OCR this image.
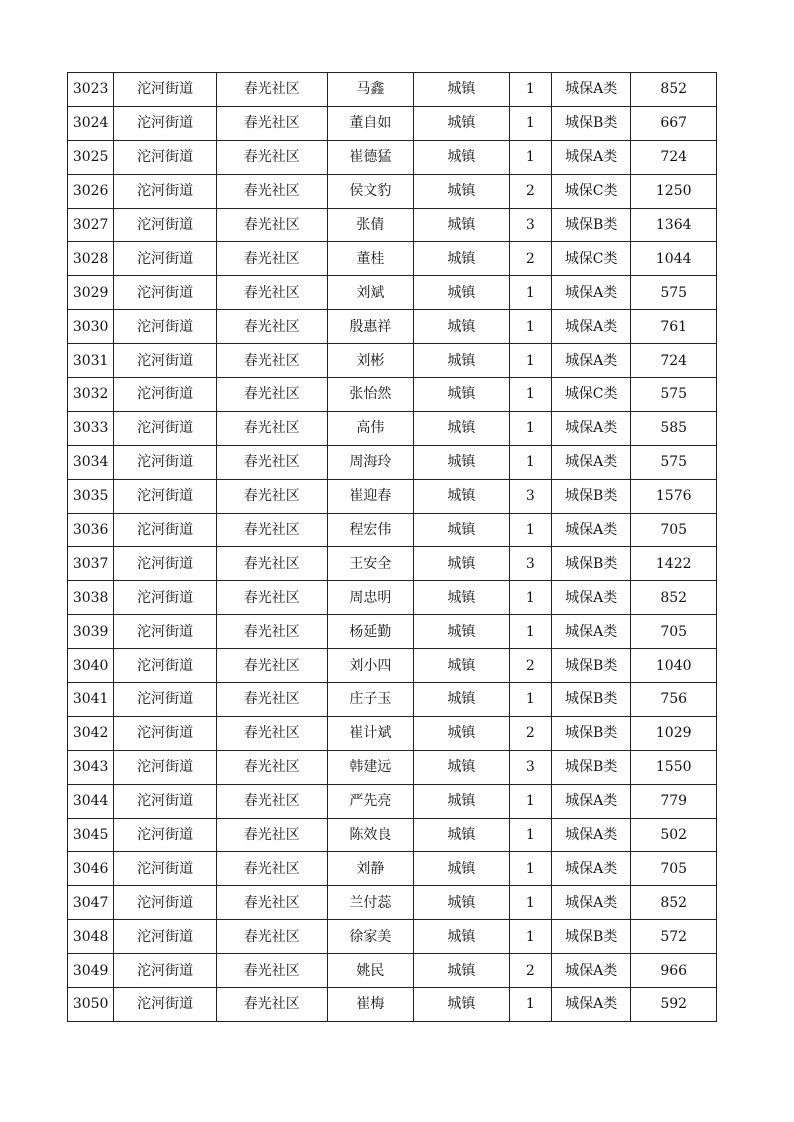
3023	沱河街道	春光社区	马鑫	城镇	1	城保A类	852
3024	沱河街道	春光社区	董自如	城镇	1	城保B类	667
3025	沱河街道	春光社区	崔德猛	城镇	1	城保A类	724
3026	沱河街道	春光社区	侯文豹	城镇	2	城保C类	1250
3027	沱河街道	春光社区	张倩	城镇	3	城保B类	1364
3028	沱河街道	春光社区	董桂	城镇	2	城保C类	1044
3029	沱河街道	春光社区	刘斌	城镇	1	城保A类	575
3030	沱河街道	春光社区	殷惠祥	城镇	1	城保A类	761
3031	沱河街道	春光社区	刘彬	城镇	1	城保A类	724
3032	沱河街道	春光社区	张怡然	城镇	1	城保C类	575
3033	沱河街道	春光社区	高伟	城镇	1	城保A类	585
3034	沱河街道	春光社区	周海玲	城镇	1	城保A类	575
3035	沱河街道	春光社区	崔迎春	城镇	3	城保B类	1576
3036	沱河街道	春光社区	程宏伟	城镇	1	城保A类	705
3037	沱河街道	春光社区	王安全	城镇	3	城保B类	1422
3038	沱河街道	春光社区	周忠明	城镇	1	城保A类	852
3039	沱河街道	春光社区	杨延勤	城镇	1	城保A类	705
3040	沱河街道	春光社区	刘小四	城镇	2	城保B类	1040
3041	沱河街道	春光社区	庄子玉	城镇	1	城保B类	756
3042	沱河街道	春光社区	崔计斌	城镇	2	城保B类	1029
3043	沱河街道	春光社区	韩建远	城镇	3	城保B类	1550
3044	沱河街道	春光社区	严先亮	城镇	1	城保A类	779
3045	沱河街道	春光社区	陈效良	城镇	1	城保A类	502
3046	沱河街道	春光社区	刘静	城镇	1	城保A类	705
3047	沱河街道	春光社区	兰付蕊	城镇	1	城保A类	852
3048	沱河街道	春光社区	徐家美	城镇	1	城保B类	572
3049	沱河街道	春光社区	姚民	城镇	2	城保A类	966
3050	沱河街道	春光社区	崔梅	城镇	1	城保A类	592
